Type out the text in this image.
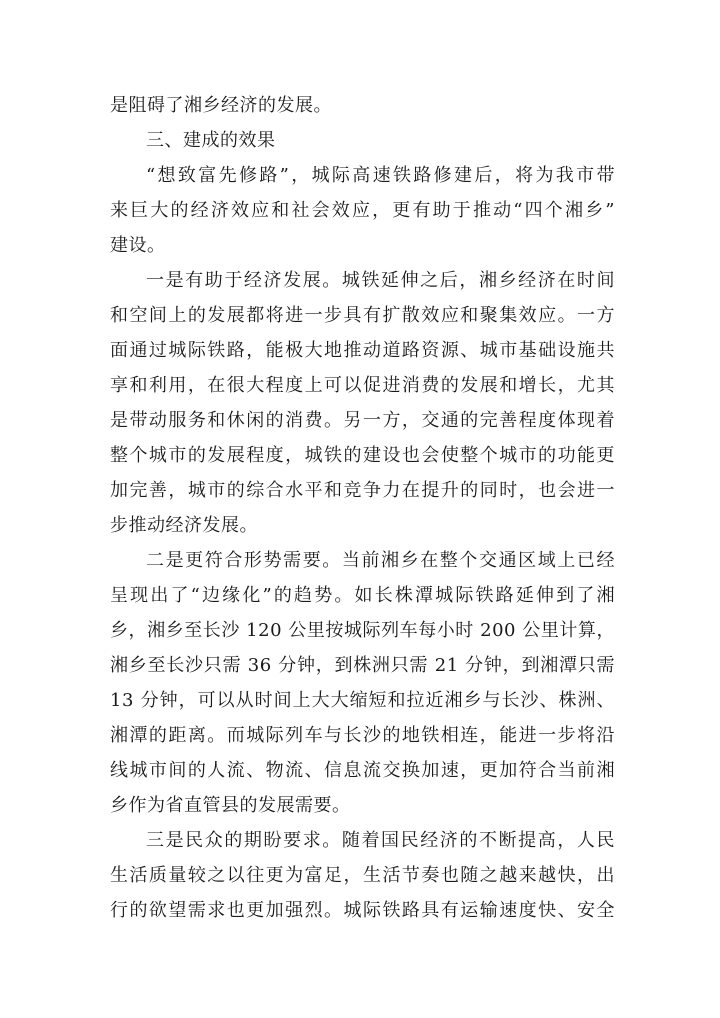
是阻碍了湘乡经济的发展。
三、建成的效果
“想致富先修路”，城际高速铁路修建后，将为我市带
来巨大的经济效应和社会效应，更有助于推动“四个湘乡”
建设。
一是有助于经济发展。城铁延伸之后，湘乡经济在时间
和空间上的发展都将进一步具有扩散效应和聚集效应。一方
面通过城际铁路，能极大地推动道路资源、城市基础设施共
享和利用，在很大程度上可以促进消费的发展和增长，尤其
是带动服务和休闲的消费。另一方，交通的完善程度体现着
整个城市的发展程度，城铁的建设也会使整个城市的功能更
加完善，城市的综合水平和竞争力在提升的同时，也会进一
步推动经济发展。
二是更符合形势需要。当前湘乡在整个交通区域上已经
呈现出了“边缘化”的趋势。如长株潭城际铁路延伸到了湘
乡，湘乡至长沙 120 公里按城际列车每小时 200 公里计算，
湘乡至长沙只需 36 分钟，到株洲只需 21 分钟，到湘潭只需
13 分钟，可以从时间上大大缩短和拉近湘乡与长沙、株洲、
湘潭的距离。而城际列车与长沙的地铁相连，能进一步将沿
线城市间的人流、物流、信息流交换加速，更加符合当前湘
乡作为省直管县的发展需要。
三是民众的期盼要求。随着国民经济的不断提高，人民
生活质量较之以往更为富足，生活节奏也随之越来越快，出
行的欲望需求也更加强烈。城际铁路具有运输速度快、安全
